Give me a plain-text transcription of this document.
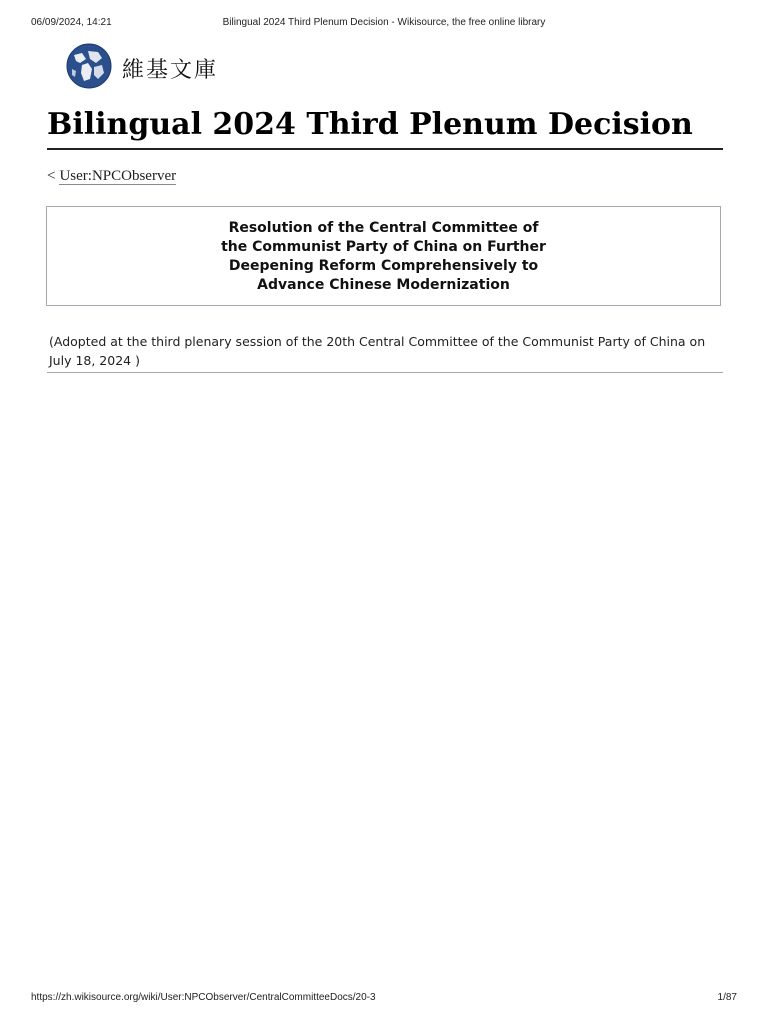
06/09/2024, 14:21	Bilingual 2024 Third Plenum Decision - Wikisource, the free online library
維基文庫
Bilingual 2024 Third Plenum Decision
< User:NPCObserver
Resolution of the Central Committee of the Communist Party of China on Further Deepening Reform Comprehensively to Advance Chinese Modernization
(Adopted at the third plenary session of the 20th Central Committee of the Communist Party of China on July 18, 2024 )
https://zh.wikisource.org/wiki/User:NPCObserver/CentralCommitteeDocs/20-3	1/87
